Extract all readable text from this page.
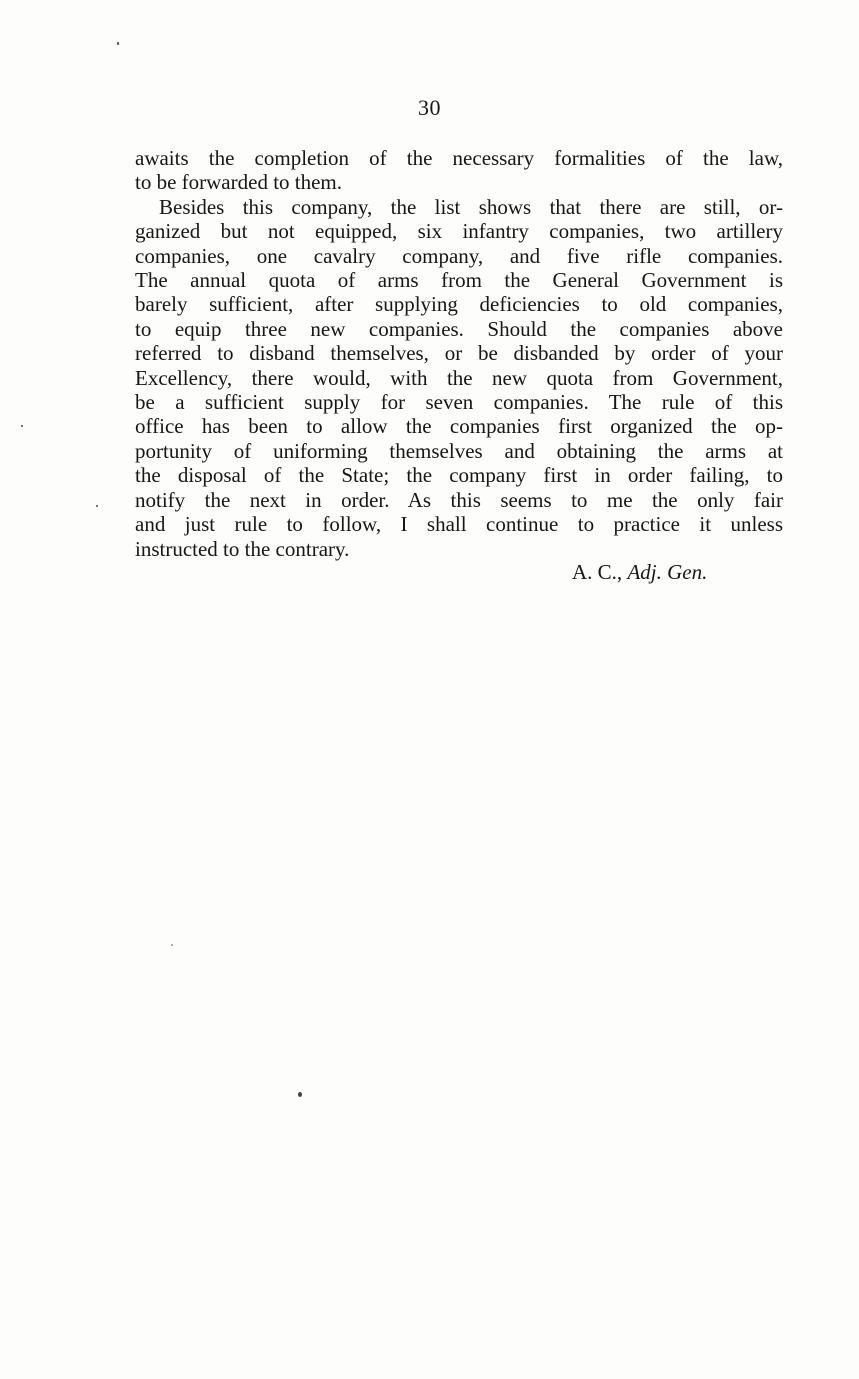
30
awaits the completion of the necessary formalities of the law,
to be forwarded to them.
Besides this company, the list shows that there are still, or-
ganized but not equipped, six infantry companies, two artillery
companies, one cavalry company, and five rifle companies.
The annual quota of arms from the General Government is
barely sufficient, after supplying deficiencies to old companies,
to equip three new companies. Should the companies above
referred to disband themselves, or be disbanded by order of your
Excellency, there would, with the new quota from Government,
be a sufficient supply for seven companies. The rule of this
office has been to allow the companies first organized the op-
portunity of uniforming themselves and obtaining the arms at
the disposal of the State; the company first in order failing, to
notify the next in order. As this seems to me the only fair
and just rule to follow, I shall continue to practice it unless
instructed to the contrary.
A. C., Adj. Gen.
